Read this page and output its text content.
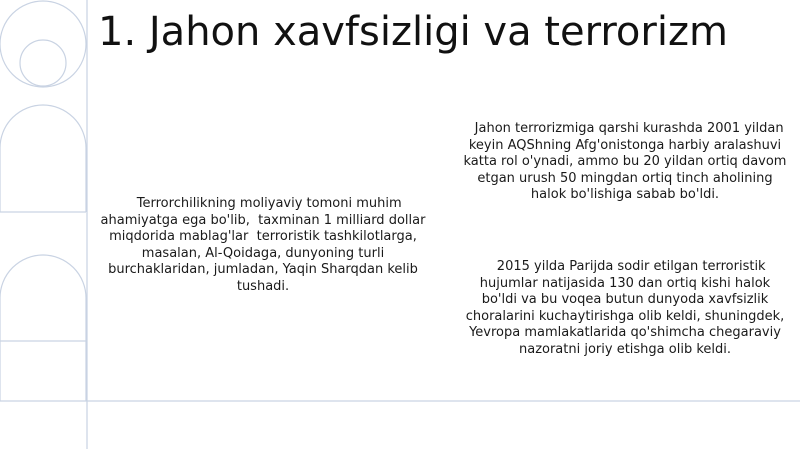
1. Jahon xavfsizligi va terrorizm

Terrorchilikning moliyaviy tomoni muhim ahamiyatga ega bo'lib,  taxminan 1 milliard dollar miqdorida mablag'lar  terroristik tashkilotlarga, masalan, Al-Qoidaga, dunyoning turli burchaklaridan, jumladan, Yaqin Sharqdan kelib tushadi.

Jahon terrorizmiga qarshi kurashda 2001 yildan keyin AQShning Afg'onistonga harbiy aralashuvi katta rol o'ynadi, ammo bu 20 yildan ortiq davom etgan urush 50 mingdan ortiq tinch aholining halok bo'lishiga sabab bo'ldi.

2015 yilda Parijda sodir etilgan terroristik hujumlar natijasida 130 dan ortiq kishi halok bo'ldi va bu voqea butun dunyoda xavfsizlik choralarini kuchaytirishga olib keldi, shuningdek, Yevropa mamlakatlarida qo'shimcha chegaraviy nazoratni joriy etishga olib keldi.
